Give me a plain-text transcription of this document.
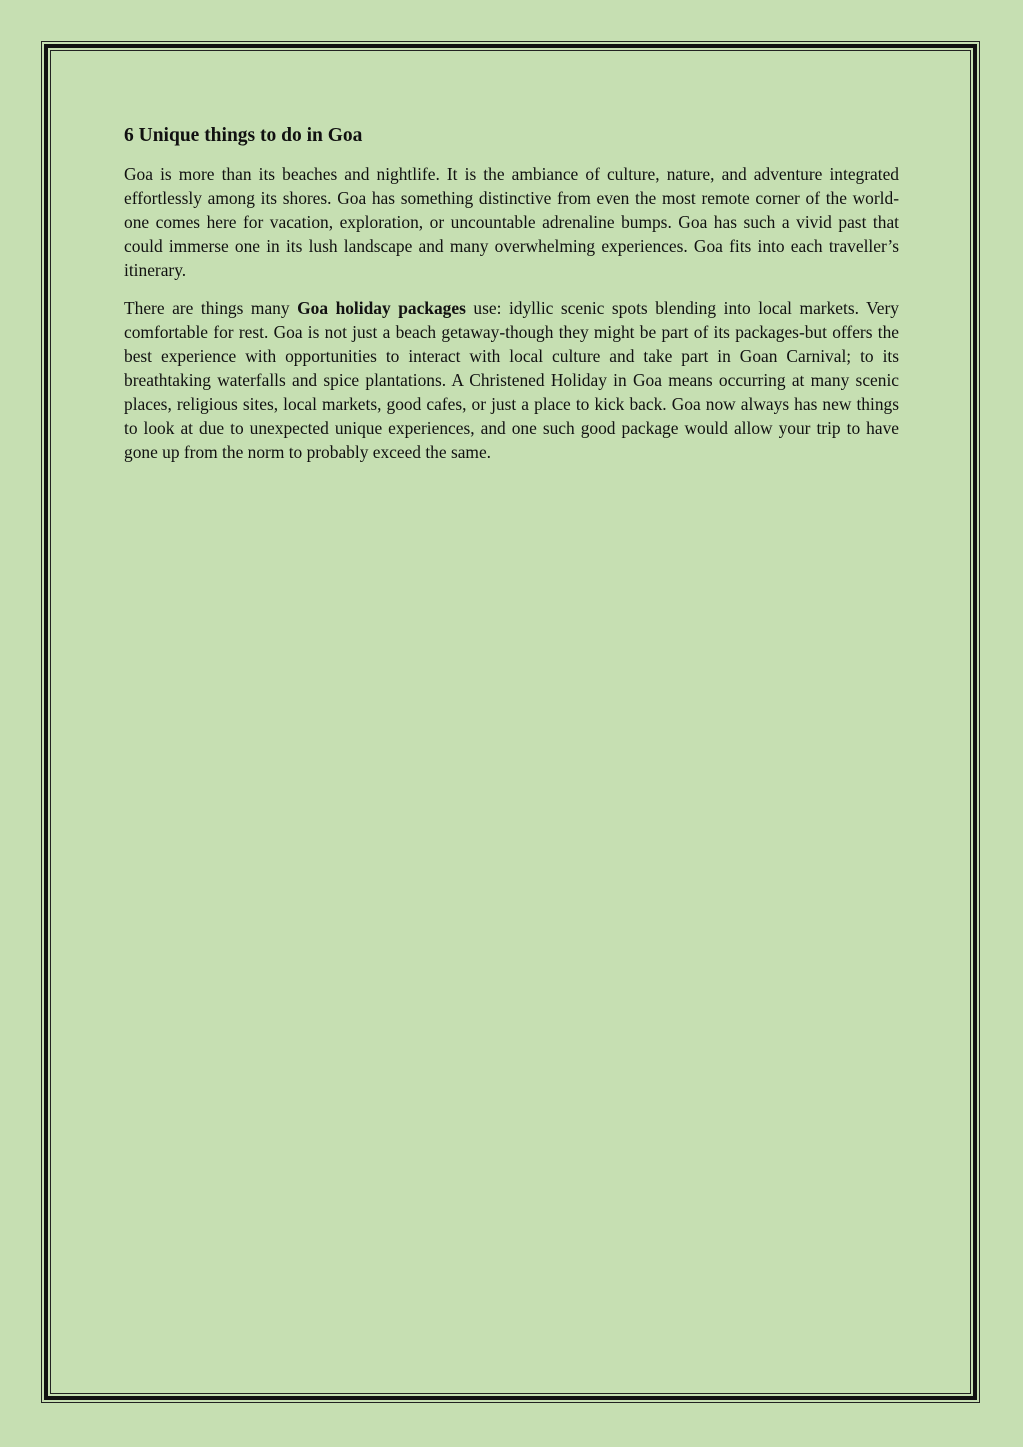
6 Unique things to do in Goa

Goa is more than its beaches and nightlife. It is the ambiance of culture, nature, and adventure integrated effortlessly among its shores. Goa has something distinctive from even the most remote corner of the world-one comes here for vacation, exploration, or uncountable adrenaline bumps. Goa has such a vivid past that could immerse one in its lush landscape and many overwhelming experiences. Goa fits into each traveller’s itinerary.

There are things many Goa holiday packages use: idyllic scenic spots blending into local markets. Very comfortable for rest. Goa is not just a beach getaway-though they might be part of its packages-but offers the best experience with opportunities to interact with local culture and take part in Goan Carnival; to its breathtaking waterfalls and spice plantations. A Christened Holiday in Goa means occurring at many scenic places, religious sites, local markets, good cafes, or just a place to kick back. Goa now always has new things to look at due to unexpected unique experiences, and one such good package would allow your trip to have gone up from the norm to probably exceed the same.
